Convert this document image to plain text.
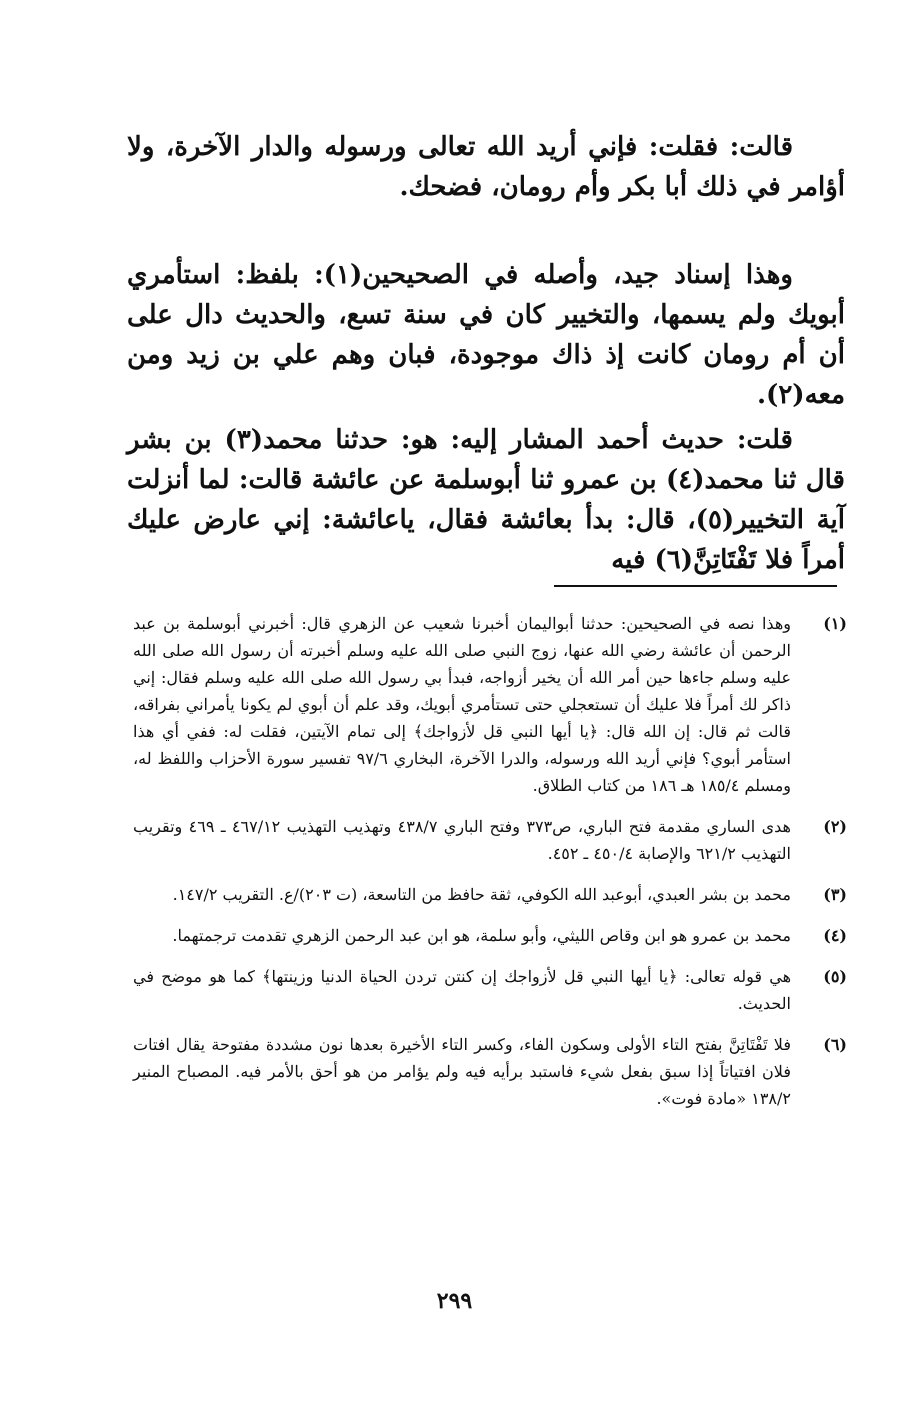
قالت: فقلت: فإني أريد الله تعالى ورسوله والدار الآخرة، ولا أؤامر في ذلك أبا بكر وأم رومان، فضحك.

وهذا إسناد جيد، وأصله في الصحيحين(١): بلفظ: استأمري أبويك ولم يسمها، والتخيير كان في سنة تسع، والحديث دال على أن أم رومان كانت إذ ذاك موجودة، فبان وهم علي بن زيد ومن معه(٢).

قلت: حديث أحمد المشار إليه: هو: حدثنا محمد(٣) بن بشر قال ثنا محمد(٤) بن عمرو ثنا أبوسلمة عن عائشة قالت: لما أنزلت آية التخيير(٥)، قال: بدأ بعائشة فقال، ياعائشة: إني عارض عليك أمراً فلا تَفْتَاتِنَّ(٦) فيه

(١)
وهذا نصه في الصحيحين: حدثنا أبواليمان أخبرنا شعيب عن الزهري قال: أخبرني أبوسلمة بن عبد الرحمن أن عائشة رضي الله عنها، زوج النبي صلى الله عليه وسلم أخبرته أن رسول الله صلى الله عليه وسلم جاءها حين أمر الله أن يخير أزواجه، فبدأ بي رسول الله صلى الله عليه وسلم فقال: إني ذاكر لك أمراً فلا عليك أن تستعجلي حتى تستأمري أبويك، وقد علم أن أبوي لم يكونا يأمراني بفراقه، قالت ثم قال: إن الله قال: ﴿يا أيها النبي قل لأزواجك﴾ إلى تمام الآيتين، فقلت له: ففي أي هذا استأمر أبوي؟ فإني أريد الله ورسوله، والدرا الآخرة، البخاري ٩٧/٦ تفسير سورة الأحزاب واللفظ له، ومسلم ١٨٥/٤ هـ ١٨٦ من كتاب الطلاق.
(٢)
هدى الساري مقدمة فتح الباري، ص٣٧٣ وفتح الباري ٤٣٨/٧ وتهذيب التهذيب ٤٦٧/١٢ ـ ٤٦٩ وتقريب التهذيب ٦٢١/٢ والإصابة ٤٥٠/٤ ـ ٤٥٢.
(٣)
محمد بن بشر العبدي، أبوعبد الله الكوفي، ثقة حافظ من التاسعة، (ت ٢٠٣)/ع. التقريب ١٤٧/٢.
(٤)
محمد بن عمرو هو ابن وقاص الليثي، وأبو سلمة، هو ابن عبد الرحمن الزهري تقدمت ترجمتهما.
(٥)
هي قوله تعالى: ﴿يا أيها النبي قل لأزواجك إن كنتن تردن الحياة الدنيا وزينتها﴾ كما هو موضح في الحديث.
(٦)
فلا تَفْتَاتِنَّ بفتح التاء الأولى وسكون الفاء، وكسر التاء الأخيرة بعدها نون مشددة مفتوحة يقال افتات فلان افتياتاً إذا سبق بفعل شيء فاستبد برأيه فيه ولم يؤامر من هو أحق بالأمر فيه. المصباح المنير ١٣٨/٢ «مادة فوت».
٢٩٩
